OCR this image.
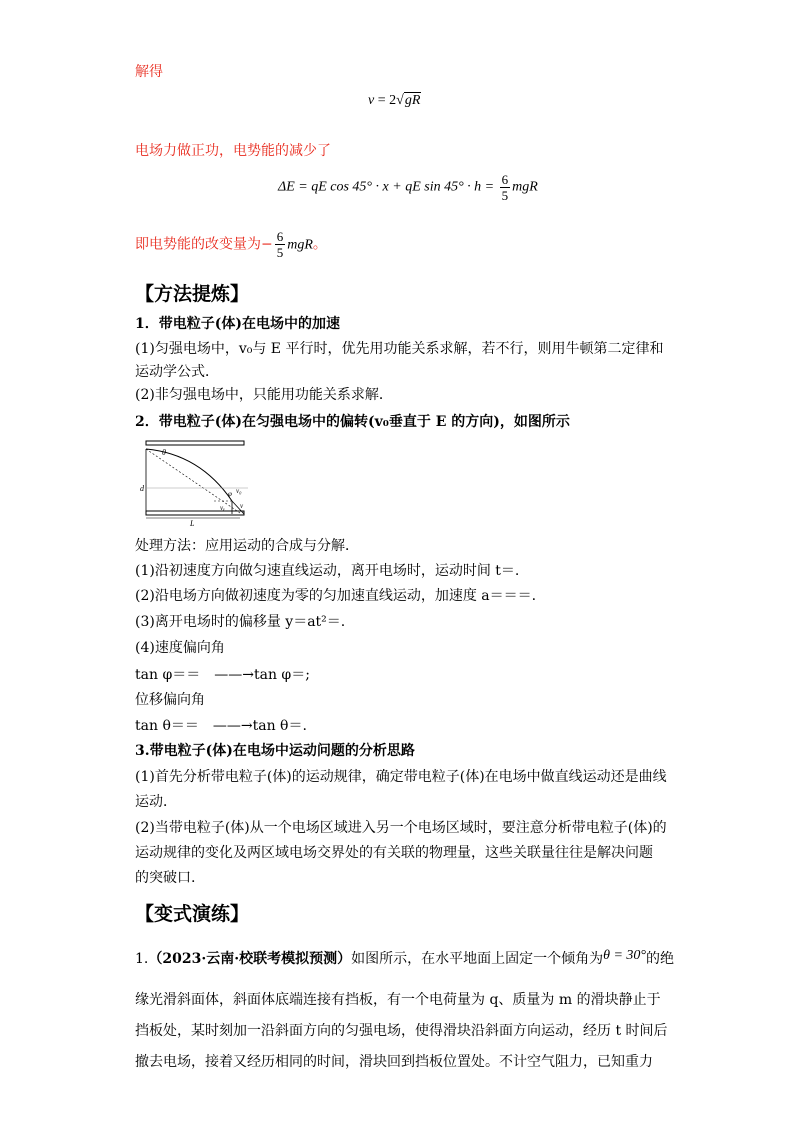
解得
v = 2√gR
电场力做正功，电势能的减少了
ΔE = qE cos 45° · x + qE $\sin 45^\circ \cdot h = \frac{6}{5}$ mgR
即电势能的改变量为− $\frac{6}{5}$ mgR。
【方法提炼】
1．带电粒子(体)在电场中的加速
(1)匀强电场中，v₀与 E 平行时，优先用功能关系求解，若不行，则用牛顿第二定律和
运动学公式．
(2)非匀强电场中，只能用功能关系求解．
2．带电粒子(体)在匀强电场中的偏转(v₀垂直于 E 的方向)，如图所示
θ
d	v₀
vᵧ v
φ
L
处理方法：应用运动的合成与分解．
(1)沿初速度方向做匀速直线运动，离开电场时，运动时间 t＝.
(2)沿电场方向做初速度为零的匀加速直线运动，加速度 a＝＝＝.
(3)离开电场时的偏移量 y＝at²＝.
(4)速度偏向角
tan φ＝＝　——→tan φ＝;
位移偏向角
tan θ＝＝　——→tan θ＝.
3.带电粒子(体)在电场中运动问题的分析思路
(1)首先分析带电粒子(体)的运动规律，确定带电粒子(体)在电场中做直线运动还是曲线
运动．
(2)当带电粒子(体)从一个电场区域进入另一个电场区域时，要注意分析带电粒子(体)的
运动规律的变化及两区域电场交界处的有关联的物理量，这些关联量往往是解决问题
的突破口.
【变式演练】
1.（2023·云南·校联考模拟预测）如图所示，在水平地面上固定一个倾角为θ = 30°的绝
缘光滑斜面体，斜面体底端连接有挡板，有一个电荷量为 q、质量为 m 的滑块静止于
挡板处，某时刻加一沿斜面方向的匀强电场，使得滑块沿斜面方向运动，经历 t 时间后
撤去电场，接着又经历相同的时间，滑块回到挡板位置处。不计空气阻力，已知重力
